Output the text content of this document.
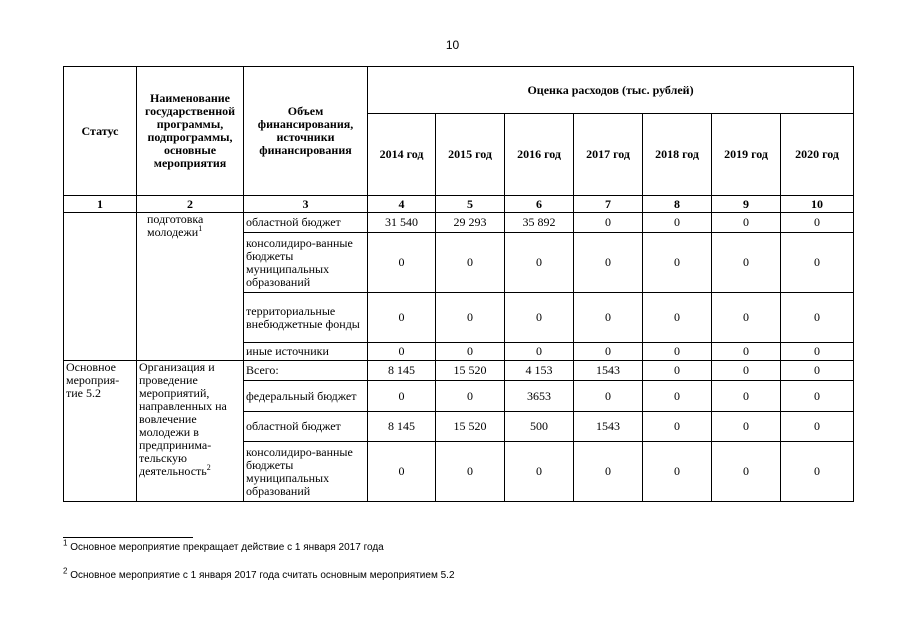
10
Статус	Наименование государственной программы, подпрограммы, основные мероприятия	Объем финансирования, источники финансирования	Оценка расходов (тыс. рублей)						
			2014 год	2015 год	2016 год	2017 год	2018 год	2019 год	2020 год
1	2	3	4	5	6	7	8	9	10
	подготовка молодежи$^1$	областной бюджет	31 540	29 293	35 892	0	0	0	0
		консолидиро-ванные бюджеты муниципальных образований	0	0	0	0	0	0	0
		территориальные внебюджетные фонды	0	0	0	0	0	0	0
		иные источники	0	0	0	0	0	0	0
Основное мероприя-тие 5.2	Организация и проведение мероприятий, направленных на вовлечение молодежи в предпринима-тельскую деятельность$^2$	Всего:	8 145	15 520	4 153	1543	0	0	0
		федеральный бюджет	0	0	3653	0	0	0	0
		областной бюджет	8 145	15 520	500	1543	0	0	0
		консолидиро-ванные бюджеты муниципальных образований	0	0	0	0	0	0	0
$^1$ Основное мероприятие прекращает действие с 1 января 2017 года
$^2$ Основное мероприятие с 1 января 2017 года считать основным мероприятием 5.2
